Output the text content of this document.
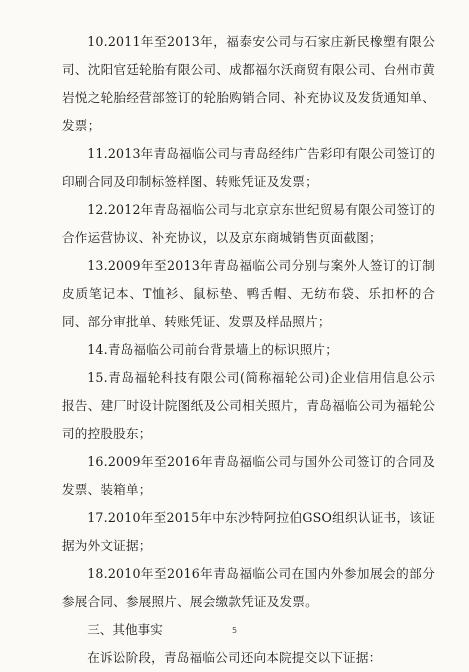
10.2011年至2013年，福泰安公司与石家庄新民橡塑有限公司、沈阳官廷轮胎有限公司、成都福尔沃商贸有限公司、台州市黄岩悦之轮胎经营部签订的轮胎购销合同、补充协议及发货通知单、发票；

11.2013年青岛福临公司与青岛经纬广告彩印有限公司签订的印刷合同及印制标签样图、转账凭证及发票；

12.2012年青岛福临公司与北京京东世纪贸易有限公司签订的合作运营协议、补充协议，以及京东商城销售页面截图；

13.2009年至2013年青岛福临公司分别与案外人签订的订制皮质笔记本、T恤衫、鼠标垫、鸭舌帽、无纺布袋、乐扣杯的合同、部分审批单、转账凭证、发票及样品照片；

14.青岛福临公司前台背景墙上的标识照片；

15.青岛福轮科技有限公司(简称福轮公司)企业信用信息公示报告、建厂时设计院图纸及公司相关照片，青岛福临公司为福轮公司的控股股东；

16.2009年至2016年青岛福临公司与国外公司签订的合同及发票、装箱单；

17.2010年至2015年中东沙特阿拉伯GSO组织认证书，该证据为外文证据；

18.2010年至2016年青岛福临公司在国内外参加展会的部分参展合同、参展照片、展会缴款凭证及发票。

三、其他事实

在诉讼阶段，青岛福临公司还向本院提交以下证据：

5
